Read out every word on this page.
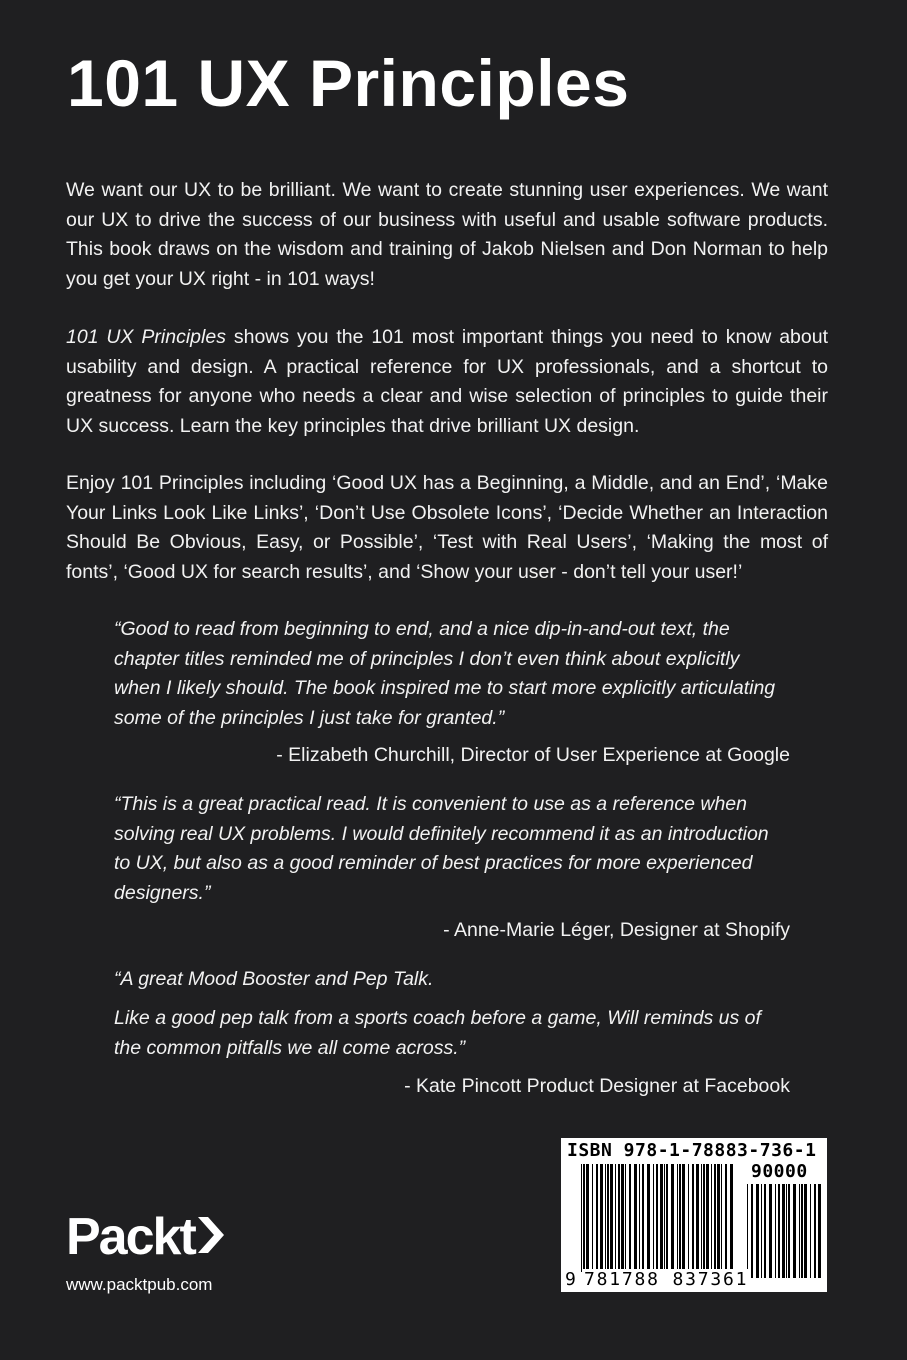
101 UX Principles

We want our UX to be brilliant. We want to create stunning user experiences. We want our UX to drive the success of our business with useful and usable software products. This book draws on the wisdom and training of Jakob Nielsen and Don Norman to help you get your UX right - in 101 ways!

101 UX Principles shows you the 101 most important things you need to know about usability and design. A practical reference for UX professionals, and a shortcut to greatness for anyone who needs a clear and wise selection of principles to guide their UX success. Learn the key principles that drive brilliant UX design.

Enjoy 101 Principles including ‘Good UX has a Beginning, a Middle, and an End’, ‘Make Your Links Look Like Links’, ‘Don’t Use Obsolete Icons’, ‘Decide Whether an Interaction Should Be Obvious, Easy, or Possible’, ‘Test with Real Users’, ‘Making the most of fonts’, ‘Good UX for search results’, and ‘Show your user - don’t tell your user!’

“Good to read from beginning to end, and a nice dip-in-and-out text, the chapter titles reminded me of principles I don’t even think about explicitly when I likely should. The book inspired me to start more explicitly articulating some of the principles I just take for granted.”

- Elizabeth Churchill, Director of User Experience at Google

“This is a great practical read. It is convenient to use as a reference when solving real UX problems. I would definitely recommend it as an introduction to UX, but also as a good reminder of best practices for more experienced designers.”

- Anne-Marie Léger, Designer at Shopify

“A great Mood Booster and Pep Talk.

Like a good pep talk from a sports coach before a game, Will reminds us of the common pitfalls we all come across.”

- Kate Pincott Product Designer at Facebook

Packt
www.packtpub.com
ISBN 978-1-78883-736-1
90000
9 781788 837361
